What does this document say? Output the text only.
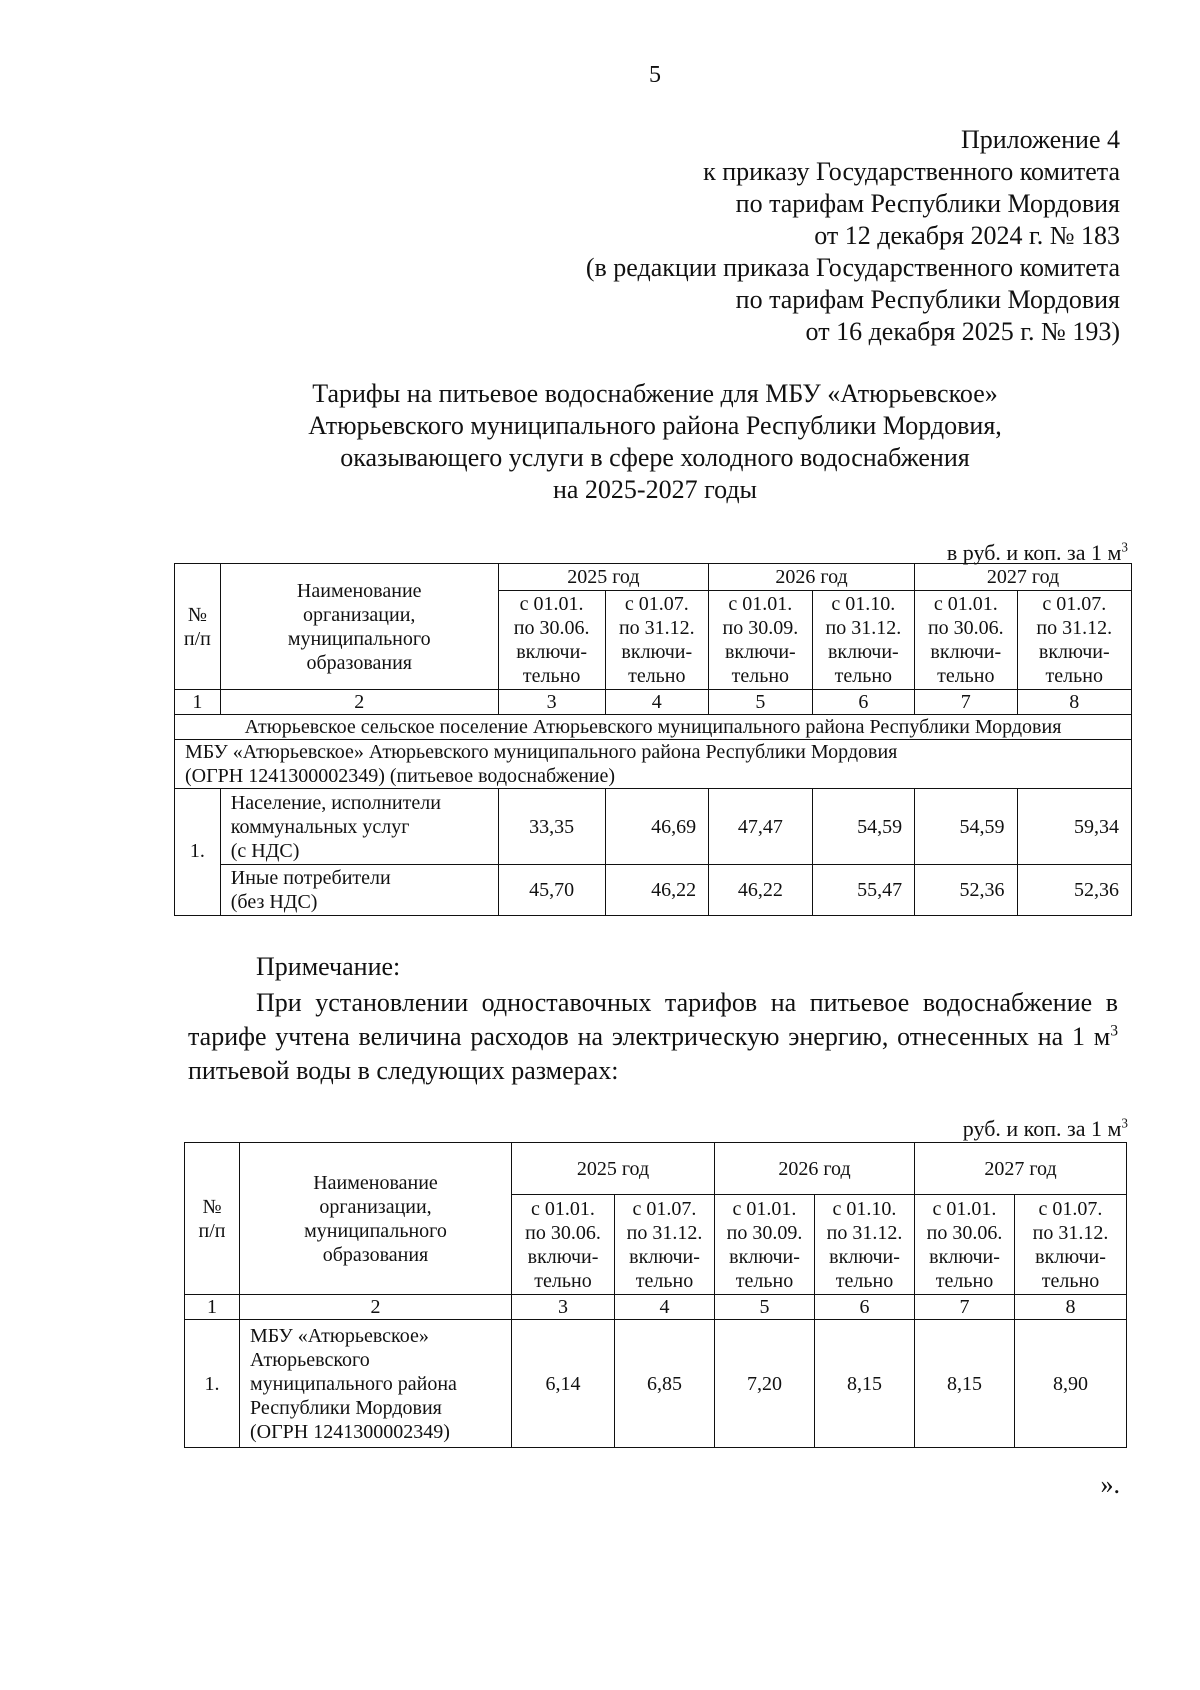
5
Приложение 4
к приказу Государственного комитета
по тарифам Республики Мордовия
от 12 декабря 2024 г. № 183
(в редакции приказа Государственного комитета
по тарифам Республики Мордовия
от 16 декабря 2025 г. № 193)
Тарифы на питьевое водоснабжение для МБУ «Атюрьевское»
Атюрьевского муниципального района Республики Мордовия,
оказывающего услуги в сфере холодного водоснабжения
на 2025-2027 годы
в руб. и коп. за 1 $м^3$
№
п/п	Наименование
организации,
муниципального
образования	2025 год		2026 год		2027 год	
		с 01.01.
по 30.06.
включи-
тельно	с 01.07.
по 31.12.
включи-
тельно	с 01.01.
по 30.09.
включи-
тельно	с 01.10.
по 31.12.
включи-
тельно	с 01.01.
по 30.06.
включи-
тельно	с 01.07.
по 31.12.
включи-
тельно
1	2	3	4	5	6	7	8
Атюрьевское сельское поселение Атюрьевского муниципального района Республики Мордовия							
МБУ «Атюрьевское» Атюрьевского муниципального района Республики Мордовия
(ОГРН 1241300002349) (питьевое водоснабжение)							
1.	Население, исполнители
коммунальных услуг
(с НДС)	33,35	46,69	47,47	54,59	54,59	59,34
	Иные потребители
(без НДС)	45,70	46,22	46,22	55,47	52,36	52,36
Примечание:

При установлении одноставочных тарифов на питьевое водоснабжение в тарифе учтена величина расходов на электрическую энергию, отнесенных на 1 $м^3$ питьевой воды в следующих размерах:

руб. и коп. за 1 $м^3$
№
п/п	Наименование
организации,
муниципального
образования	2025 год		2026 год		2027 год	
		с 01.01.
по 30.06.
включи-
тельно	с 01.07.
по 31.12.
включи-
тельно	с 01.01.
по 30.09.
включи-
тельно	с 01.10.
по 31.12.
включи-
тельно	с 01.01.
по 30.06.
включи-
тельно	с 01.07.
по 31.12.
включи-
тельно
1	2	3	4	5	6	7	8
1.	МБУ «Атюрьевское»
Атюрьевского
муниципального района
Республики Мордовия
(ОГРН 1241300002349)	6,14	6,85	7,20	8,15	8,15	8,90
».
